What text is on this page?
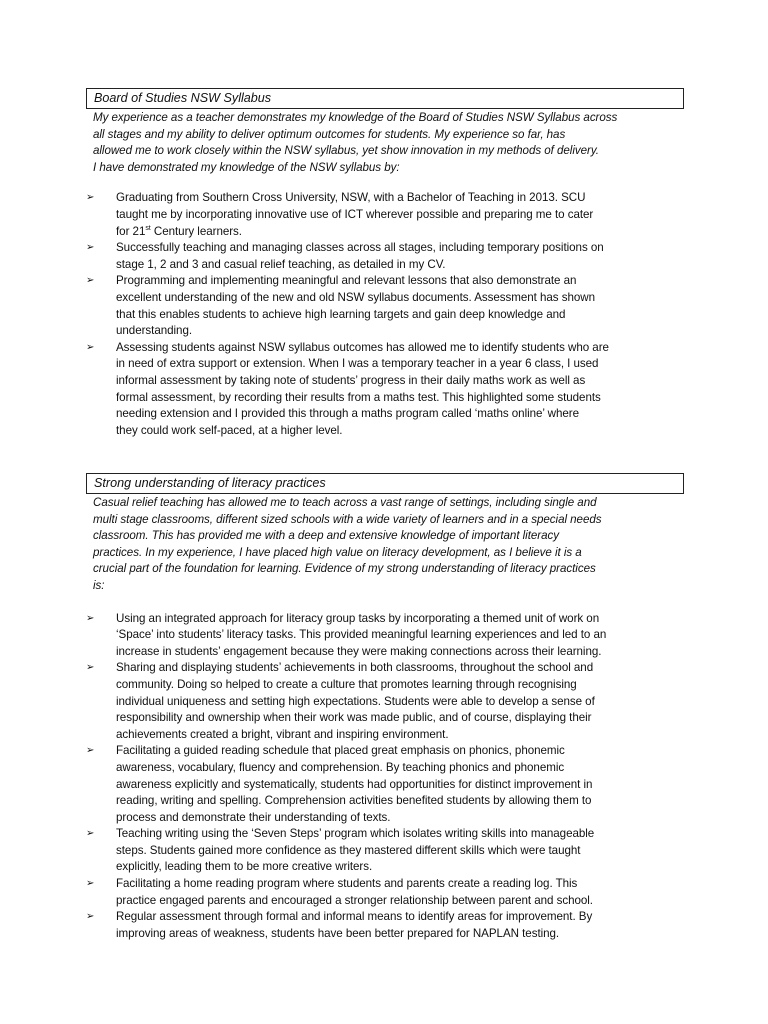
Board of Studies NSW Syllabus
My experience as a teacher demonstrates my knowledge of the Board of Studies NSW Syllabus across
all stages and my ability to deliver optimum outcomes for students. My experience so far, has
allowed me to work closely within the NSW syllabus, yet show innovation in my methods of delivery.
I have demonstrated my knowledge of the NSW syllabus by:
➢ Graduating from Southern Cross University, NSW, with a Bachelor of Teaching in 2013. SCU
taught me by incorporating innovative use of ICT wherever possible and preparing me to cater
for 21st Century learners.
➢ Successfully teaching and managing classes across all stages, including temporary positions on
stage 1, 2 and 3 and casual relief teaching, as detailed in my CV.
➢ Programming and implementing meaningful and relevant lessons that also demonstrate an
excellent understanding of the new and old NSW syllabus documents. Assessment has shown
that this enables students to achieve high learning targets and gain deep knowledge and
understanding.
➢ Assessing students against NSW syllabus outcomes has allowed me to identify students who are
in need of extra support or extension. When I was a temporary teacher in a year 6 class, I used
informal assessment by taking note of students’ progress in their daily maths work as well as
formal assessment, by recording their results from a maths test. This highlighted some students
needing extension and I provided this through a maths program called ‘maths online’ where
they could work self-paced, at a higher level.
Strong understanding of literacy practices
Casual relief teaching has allowed me to teach across a vast range of settings, including single and
multi stage classrooms, different sized schools with a wide variety of learners and in a special needs
classroom. This has provided me with a deep and extensive knowledge of important literacy
practices. In my experience, I have placed high value on literacy development, as I believe it is a
crucial part of the foundation for learning. Evidence of my strong understanding of literacy practices
is:
➢ Using an integrated approach for literacy group tasks by incorporating a themed unit of work on
‘Space’ into students’ literacy tasks. This provided meaningful learning experiences and led to an
increase in students’ engagement because they were making connections across their learning.
➢ Sharing and displaying students’ achievements in both classrooms, throughout the school and
community. Doing so helped to create a culture that promotes learning through recognising
individual uniqueness and setting high expectations. Students were able to develop a sense of
responsibility and ownership when their work was made public, and of course, displaying their
achievements created a bright, vibrant and inspiring environment.
➢ Facilitating a guided reading schedule that placed great emphasis on phonics, phonemic
awareness, vocabulary, fluency and comprehension. By teaching phonics and phonemic
awareness explicitly and systematically, students had opportunities for distinct improvement in
reading, writing and spelling. Comprehension activities benefited students by allowing them to
process and demonstrate their understanding of texts.
➢ Teaching writing using the ‘Seven Steps’ program which isolates writing skills into manageable
steps. Students gained more confidence as they mastered different skills which were taught
explicitly, leading them to be more creative writers.
➢ Facilitating a home reading program where students and parents create a reading log. This
practice engaged parents and encouraged a stronger relationship between parent and school.
➢ Regular assessment through formal and informal means to identify areas for improvement. By
improving areas of weakness, students have been better prepared for NAPLAN testing.
